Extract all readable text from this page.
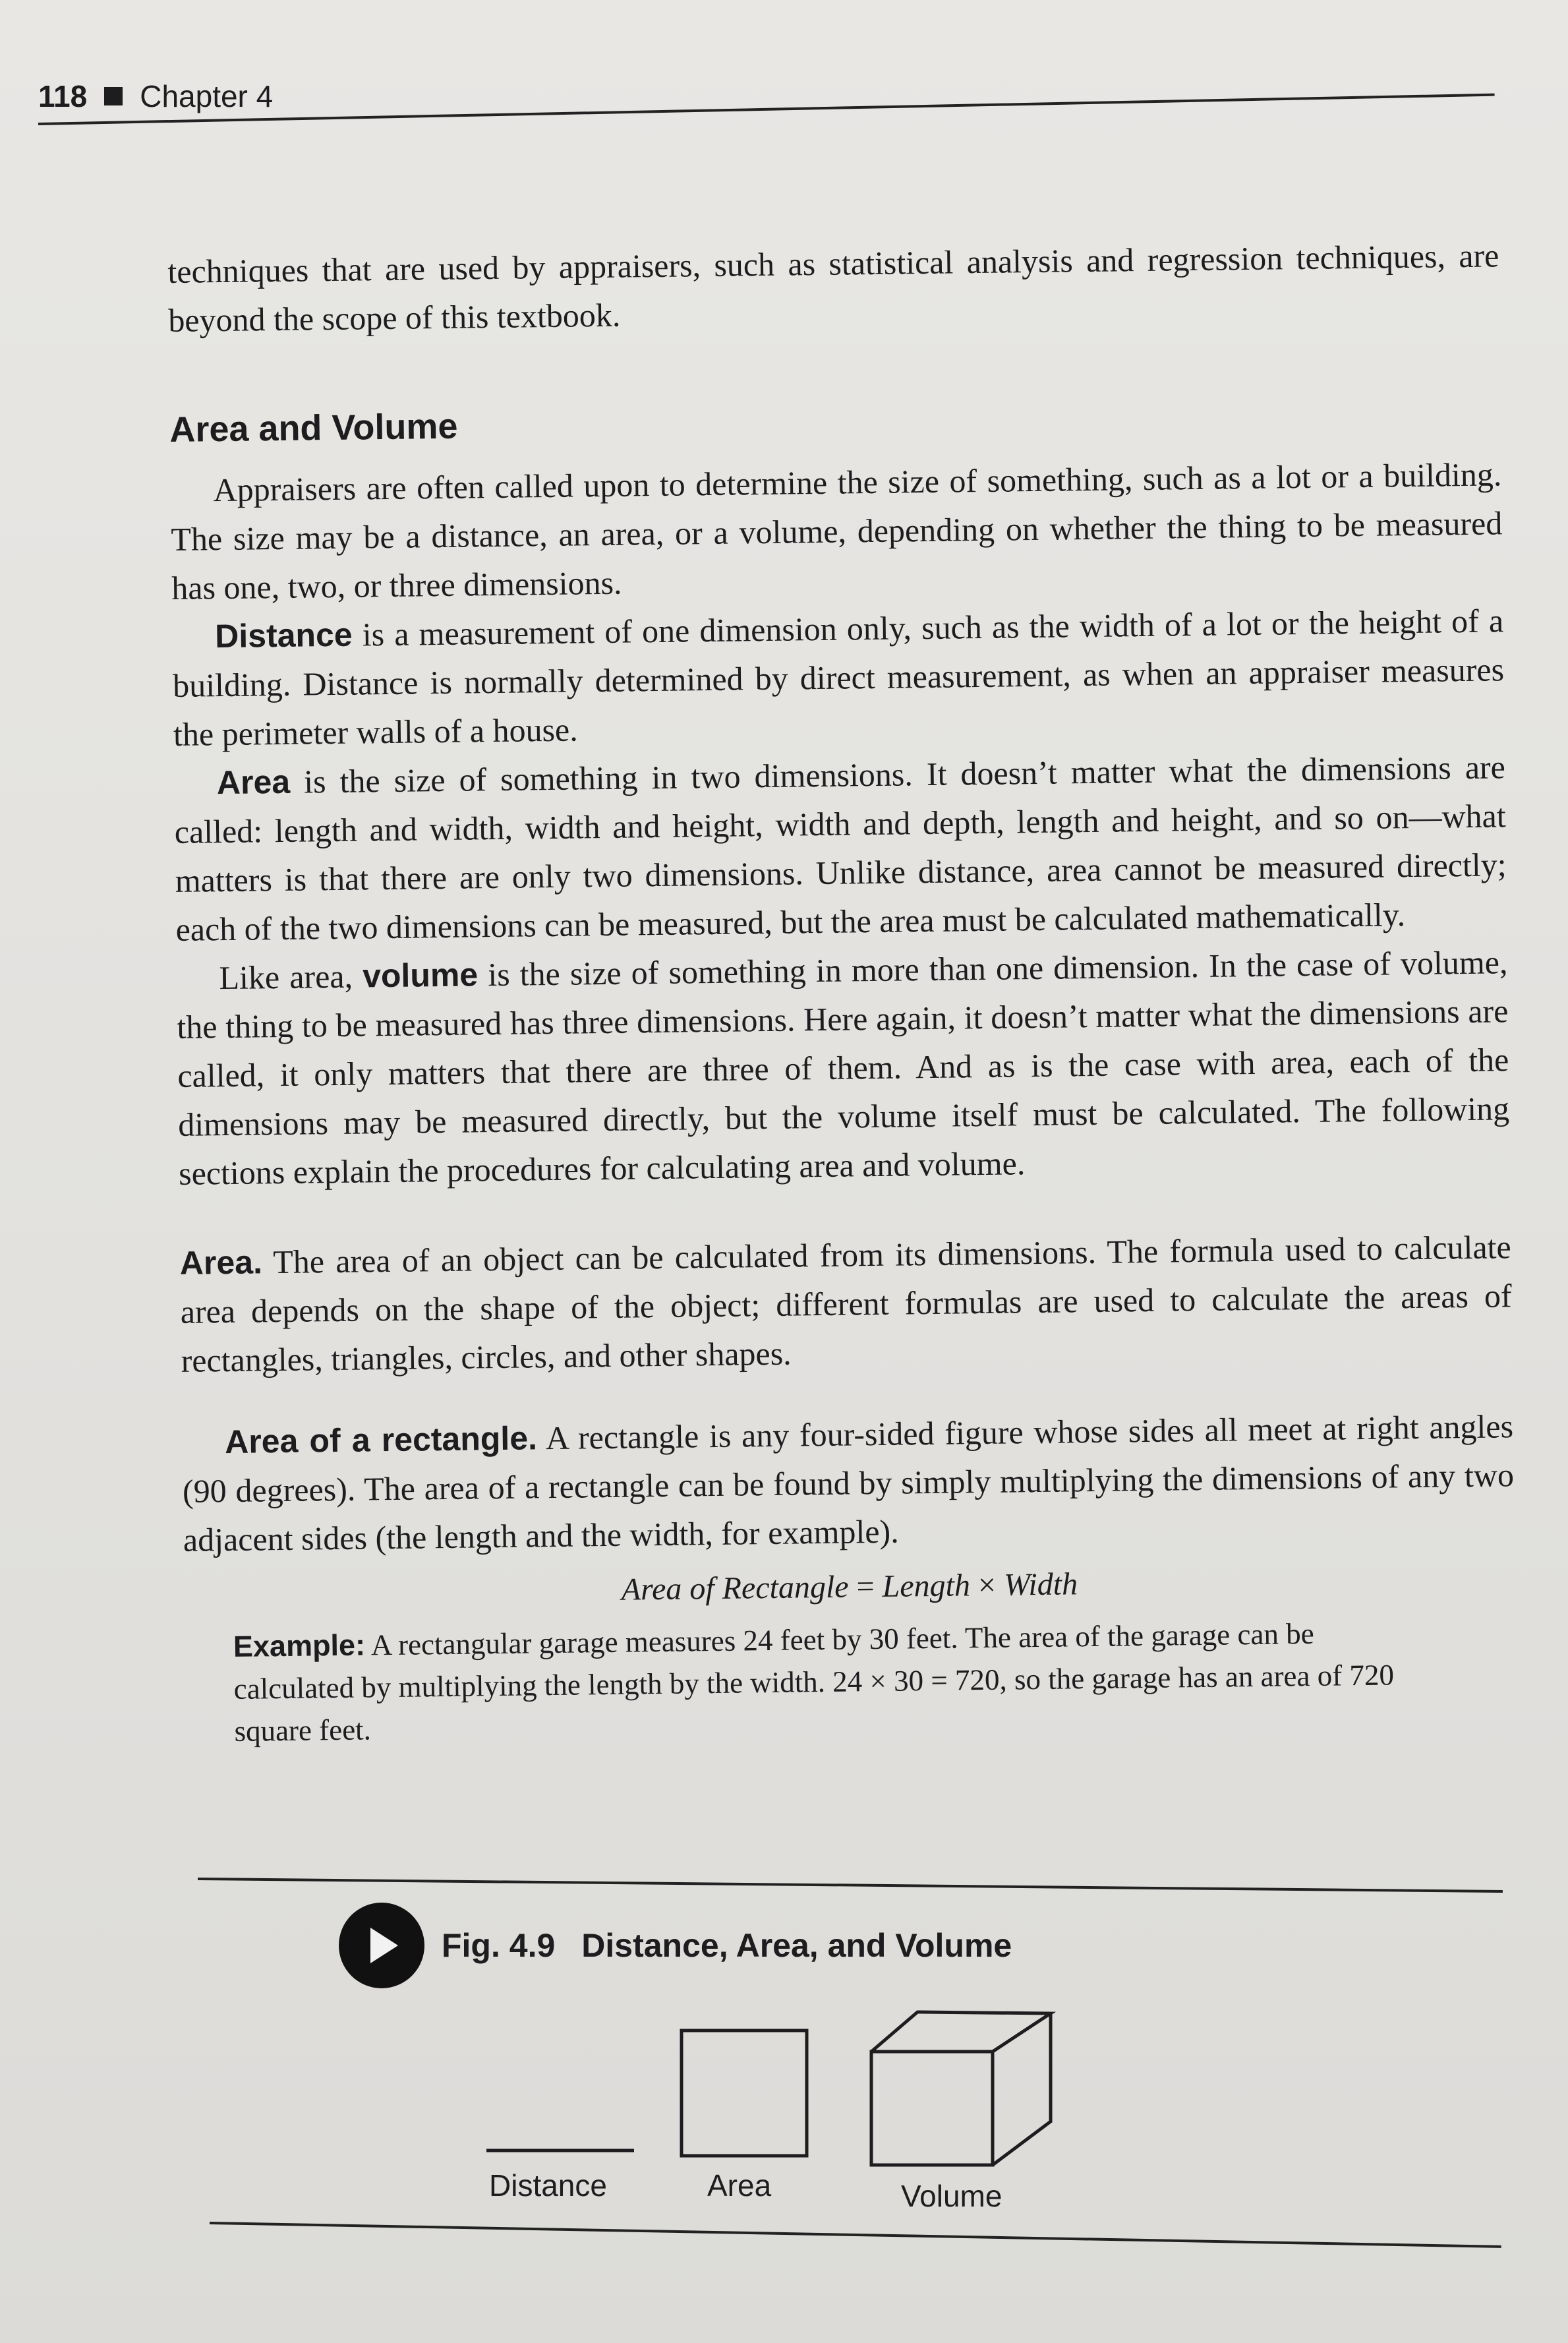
118 Chapter 4

techniques that are used by appraisers, such as statistical analysis and regression techniques, are beyond the scope of this textbook.

Area and Volume

Appraisers are often called upon to determine the size of something, such as a lot or a building. The size may be a distance, an area, or a volume, depending on whether the thing to be measured has one, two, or three dimensions.

Distance is a measurement of one dimension only, such as the width of a lot or the height of a building. Distance is normally determined by direct measurement, as when an appraiser measures the perimeter walls of a house.

Area is the size of something in two dimensions. It doesn’t matter what the dimensions are called: length and width, width and height, width and depth, length and height, and so on—what matters is that there are only two dimensions. Unlike distance, area cannot be measured directly; each of the two dimensions can be measured, but the area must be calculated mathematically.

Like area, volume is the size of something in more than one dimension. In the case of volume, the thing to be measured has three dimensions. Here again, it doesn’t matter what the dimensions are called, it only matters that there are three of them. And as is the case with area, each of the dimensions may be measured directly, but the volume itself must be calculated. The following sections explain the procedures for calculating area and volume.

Area. The area of an object can be calculated from its dimensions. The formula used to calculate area depends on the shape of the object; different formulas are used to calculate the areas of rectangles, triangles, circles, and other shapes.

Area of a rectangle. A rectangle is any four-sided figure whose sides all meet at right angles (90 degrees). The area of a rectangle can be found by simply multiplying the dimensions of any two adjacent sides (the length and the width, for example).

Area of Rectangle = Length × Width

Example: A rectangular garage measures 24 feet by 30 feet. The area of the garage can be calculated by multiplying the length by the width. 24 × 30 = 720, so the garage has an area of 720 square feet.

Fig. 4.9 Distance, Area, and Volume
Distance	Area	Volume
